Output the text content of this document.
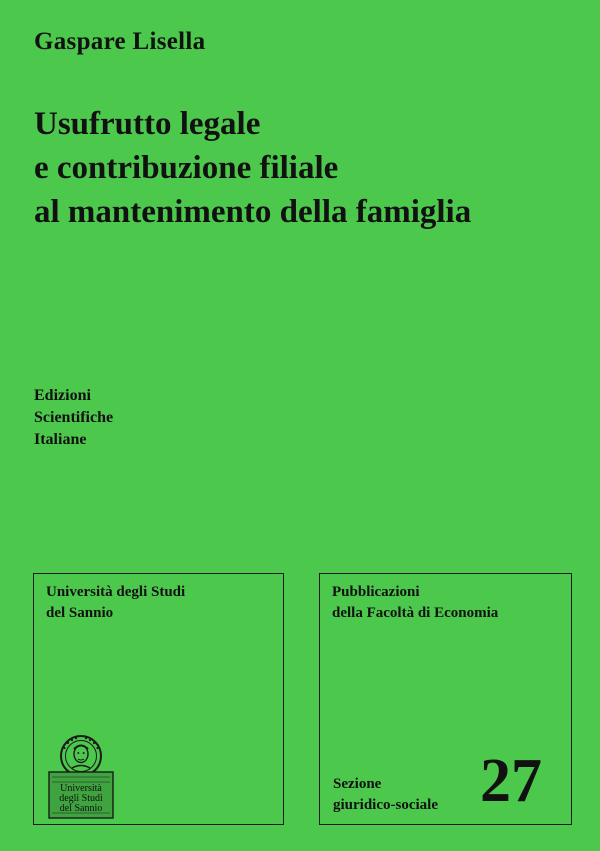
Gaspare Lisella
Usufrutto legale
e contribuzione filiale
al mantenimento della famiglia
Edizioni
Scientifiche
Italiane
Università degli Studi
del Sannio
Università
degli Studi
del Sannio
Pubblicazioni
della Facoltà di Economia
Sezione
giuridico-sociale 27
